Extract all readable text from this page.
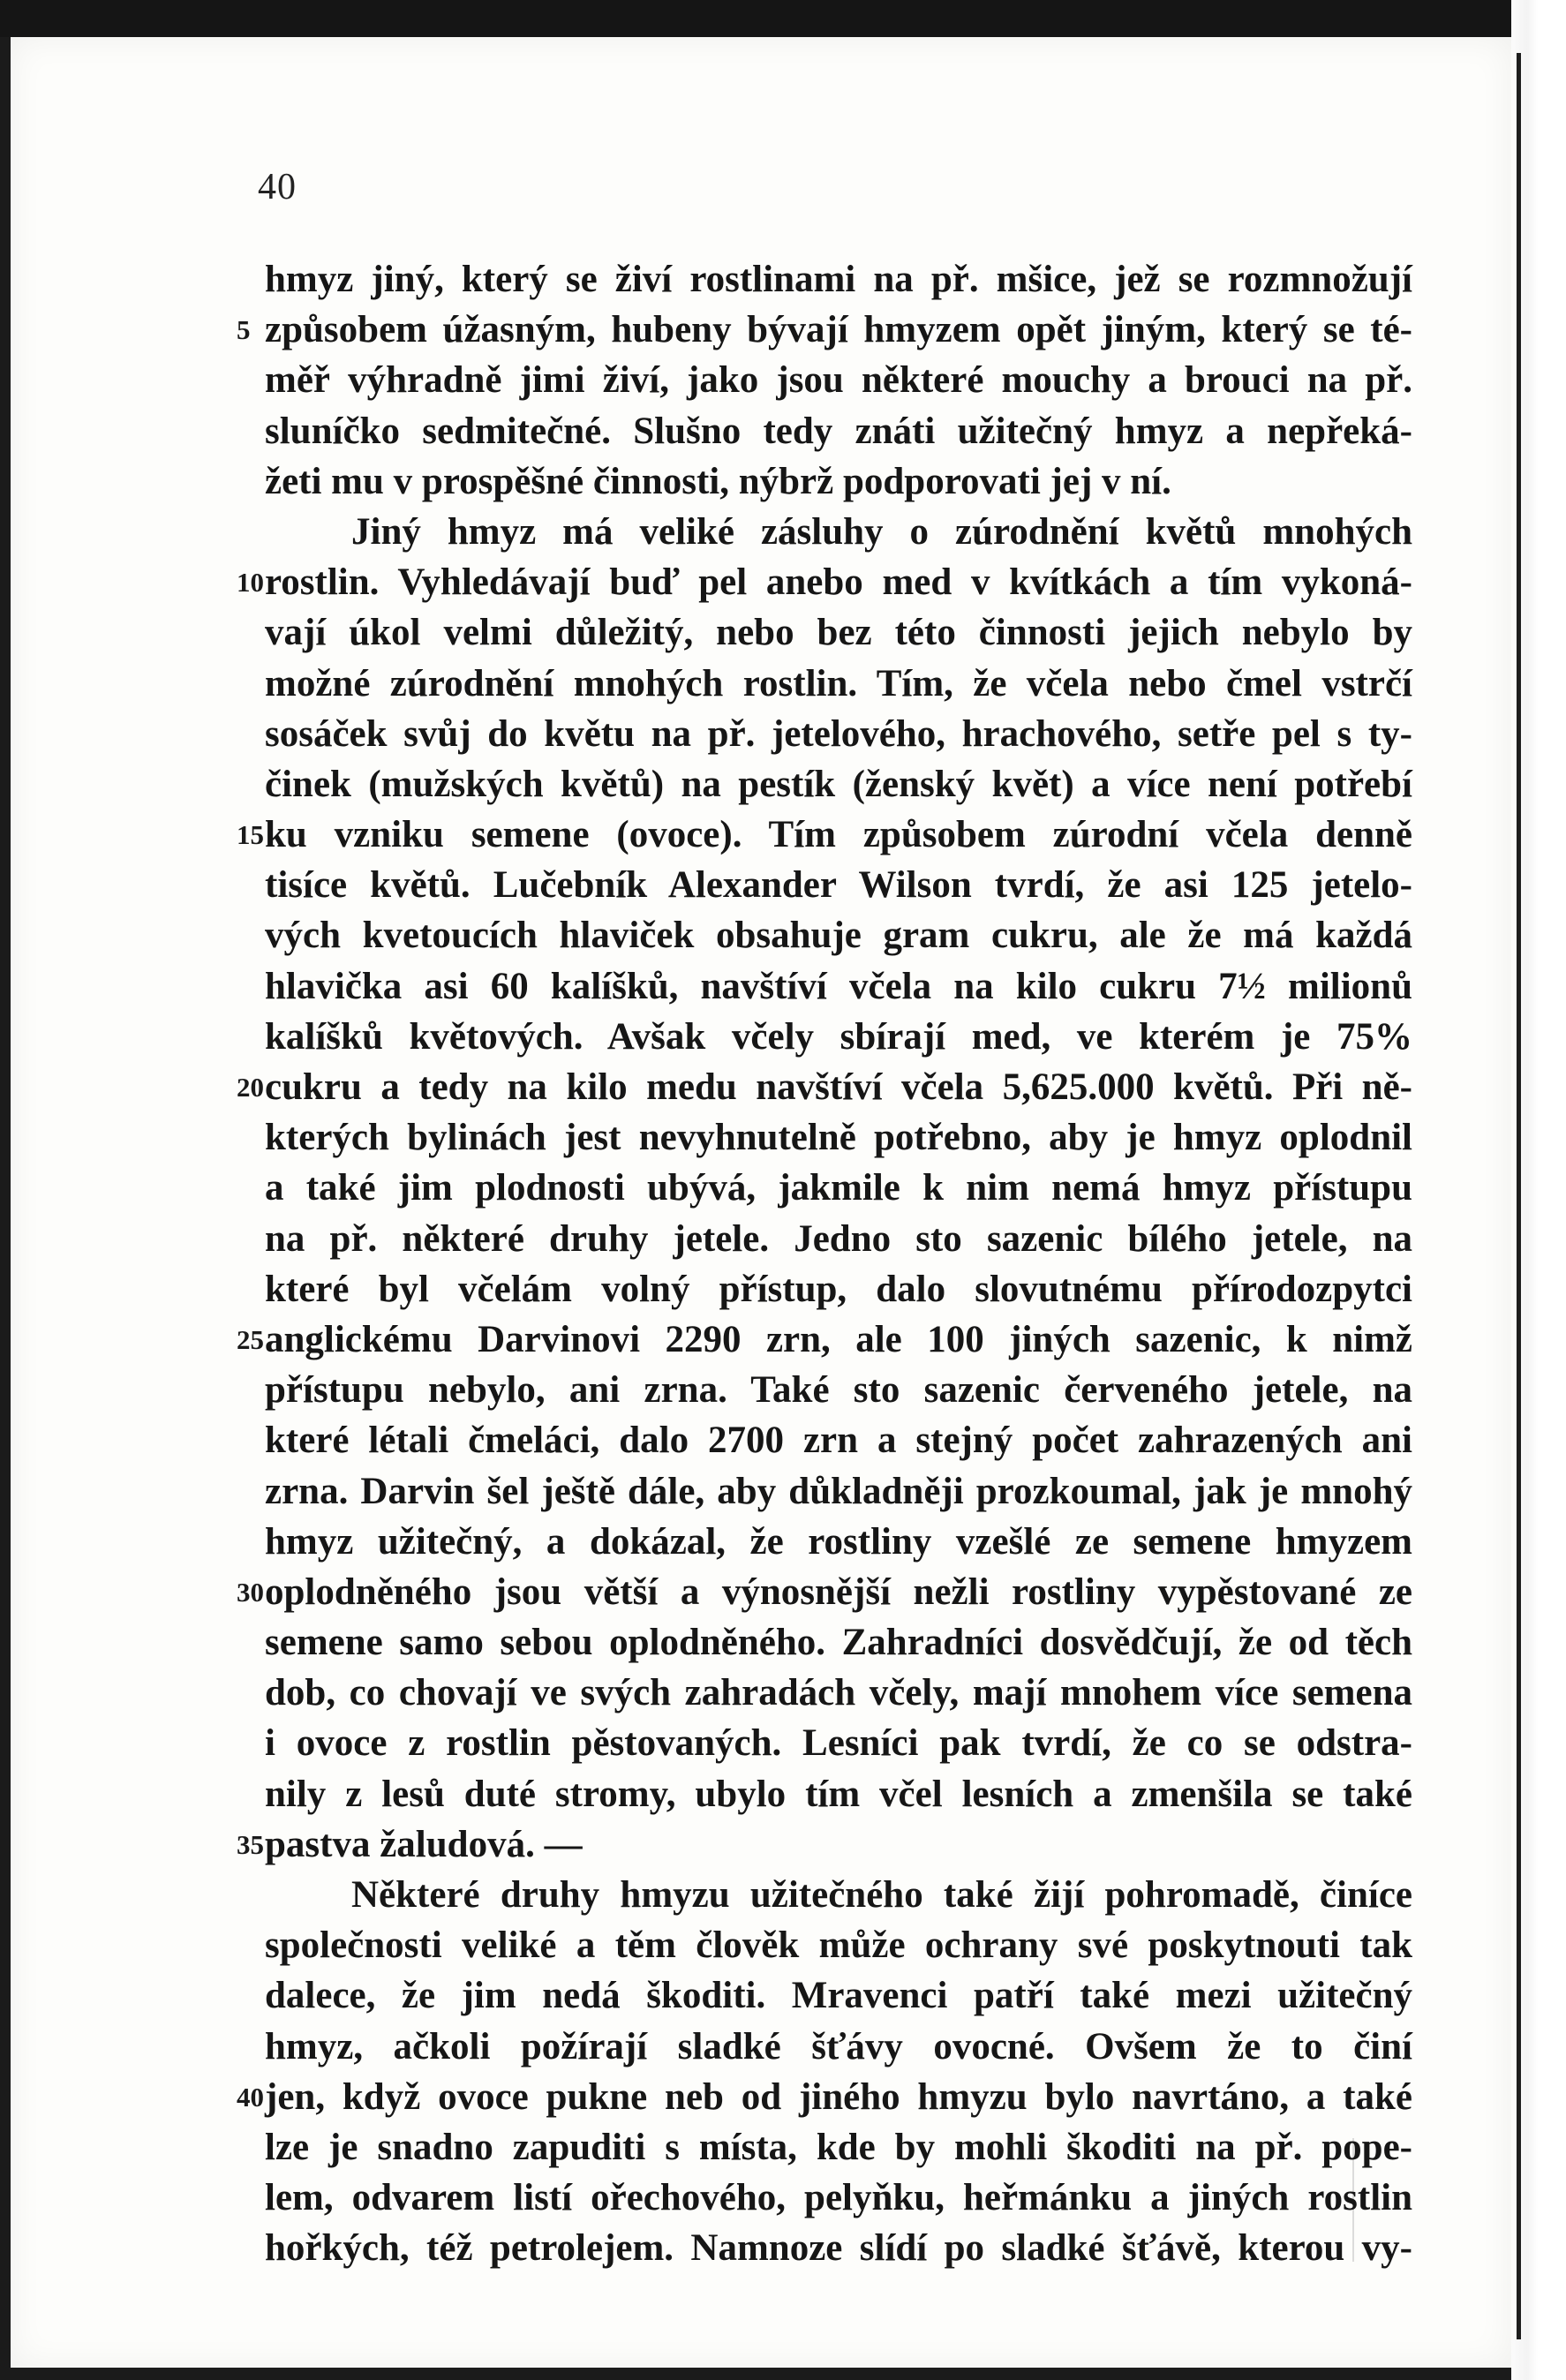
40
hmyz jiný, který se živí rostlinami na př. mšice, jež se rozmnožují
5 způsobem úžasným, hubeny bývají hmyzem opět jiným, který se té-
měř výhradně jimi živí, jako jsou některé mouchy a brouci na př.
sluníčko sedmitečné. Slušno tedy znáti užitečný hmyz a nepřeká-
žeti mu v prospěšné činnosti, nýbrž podporovati jej v ní.
Jiný hmyz má veliké zásluhy o zúrodnění květů mnohých
10 rostlin. Vyhledávají buď pel anebo med v kvítkách a tím vykoná-
vají úkol velmi důležitý, nebo bez této činnosti jejich nebylo by
možné zúrodnění mnohých rostlin. Tím, že včela nebo čmel vstrčí
sosáček svůj do květu na př. jetelového, hrachového, setře pel s ty-
činek (mužských květů) na pestík (ženský květ) a více není potřebí
15 ku vzniku semene (ovoce). Tím způsobem zúrodní včela denně
tisíce květů. Lučebník Alexander Wilson tvrdí, že asi 125 jetelo-
vých kvetoucích hlaviček obsahuje gram cukru, ale že má každá
hlavička asi 60 kalíšků, navštíví včela na kilo cukru 7½ milionů
kalíšků květových. Avšak včely sbírají med, ve kterém je 75%
20 cukru a tedy na kilo medu navštíví včela 5,625.000 květů. Při ně-
kterých bylinách jest nevyhnutelně potřebno, aby je hmyz oplodnil
a také jim plodnosti ubývá, jakmile k nim nemá hmyz přístupu
na př. některé druhy jetele. Jedno sto sazenic bílého jetele, na
které byl včelám volný přístup, dalo slovutnému přírodozpytci
25 anglickému Darvinovi 2290 zrn, ale 100 jiných sazenic, k nimž
přístupu nebylo, ani zrna. Také sto sazenic červeného jetele, na
které létali čmeláci, dalo 2700 zrn a stejný počet zahrazených ani
zrna. Darvin šel ještě dále, aby důkladněji prozkoumal, jak je mnohý
hmyz užitečný, a dokázal, že rostliny vzešlé ze semene hmyzem
30 oplodněného jsou větší a výnosnější nežli rostliny vypěstované ze
semene samo sebou oplodněného. Zahradníci dosvědčují, že od těch
dob, co chovají ve svých zahradách včely, mají mnohem více semena
i ovoce z rostlin pěstovaných. Lesníci pak tvrdí, že co se odstra-
nily z lesů duté stromy, ubylo tím včel lesních a zmenšila se také
35 pastva žaludová. —
Některé druhy hmyzu užitečného také žijí pohromadě, činíce
společnosti veliké a těm člověk může ochrany své poskytnouti tak
dalece, že jim nedá škoditi. Mravenci patří také mezi užitečný
hmyz, ačkoli požírají sladké šťávy ovocné. Ovšem že to činí
40 jen, když ovoce pukne neb od jiného hmyzu bylo navrtáno, a také
lze je snadno zapuditi s místa, kde by mohli škoditi na př. pope-
lem, odvarem listí ořechového, pelyňku, heřmánku a jiných rostlin
hořkých, též petrolejem. Namnoze slídí po sladké šťávě, kterou vy-
